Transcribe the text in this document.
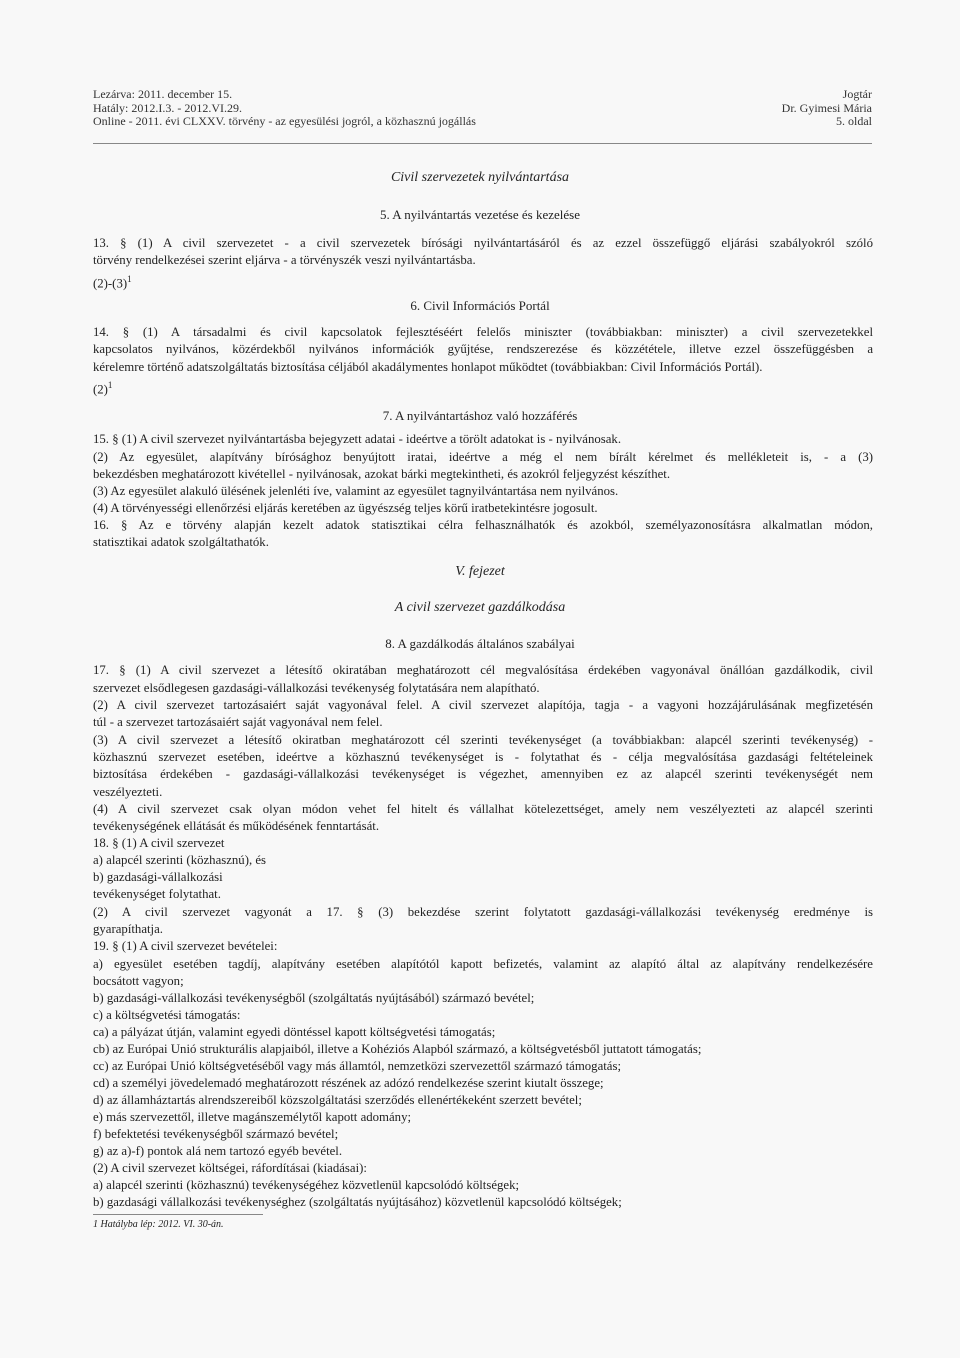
Lezárva: 2011. december 15.
Hatály: 2012.I.3. - 2012.VI.29.
Online - 2011. évi CLXXV. törvény - az egyesülési jogról, a közhasznú jogállás
Jogtár
Dr. Gyimesi Mária
5. oldal
Civil szervezetek nyilvántartása
5. A nyilvántartás vezetése és kezelése
13. § (1) A civil szervezetet - a civil szervezetek bírósági nyilvántartásáról és az ezzel összefüggő eljárási szabályokról szóló
törvény rendelkezései szerint eljárva - a törvényszék veszi nyilvántartásba.
$(2)-(3)^1$
6. Civil Információs Portál
14. § (1) A társadalmi és civil kapcsolatok fejlesztéséért felelős miniszter (továbbiakban: miniszter) a civil szervezetekkel
kapcsolatos nyilvános, közérdekből nyilvános információk gyűjtése, rendszerezése és közzététele, illetve ezzel összefüggésben a
kérelemre történő adatszolgáltatás biztosítása céljából akadálymentes honlapot működtet (továbbiakban: Civil Információs Portál).
$(2)^1$
7. A nyilvántartáshoz való hozzáférés
15. § (1) A civil szervezet nyilvántartásba bejegyzett adatai - ideértve a törölt adatokat is - nyilvánosak.
(2) Az egyesület, alapítvány bírósághoz benyújtott iratai, ideértve a még el nem bírált kérelmet és mellékleteit is, - a (3)
bekezdésben meghatározott kivétellel - nyilvánosak, azokat bárki megtekintheti, és azokról feljegyzést készíthet.
(3) Az egyesület alakuló ülésének jelenléti íve, valamint az egyesület tagnyilvántartása nem nyilvános.
(4) A törvényességi ellenőrzési eljárás keretében az ügyészség teljes körű iratbetekintésre jogosult.
16. § Az e törvény alapján kezelt adatok statisztikai célra felhasználhatók és azokból, személyazonosításra alkalmatlan módon,
statisztikai adatok szolgáltathatók.
V. fejezet
A civil szervezet gazdálkodása
8. A gazdálkodás általános szabályai
17. § (1) A civil szervezet a létesítő okiratában meghatározott cél megvalósítása érdekében vagyonával önállóan gazdálkodik, civil
szervezet elsődlegesen gazdasági-vállalkozási tevékenység folytatására nem alapítható.
(2) A civil szervezet tartozásaiért saját vagyonával felel. A civil szervezet alapítója, tagja - a vagyoni hozzájárulásának megfizetésén
túl - a szervezet tartozásaiért saját vagyonával nem felel.
(3) A civil szervezet a létesítő okiratban meghatározott cél szerinti tevékenységet (a továbbiakban: alapcél szerinti tevékenység) -
közhasznú szervezet esetében, ideértve a közhasznú tevékenységet is - folytathat és - célja megvalósítása gazdasági feltételeinek
biztosítása érdekében - gazdasági-vállalkozási tevékenységet is végezhet, amennyiben ez az alapcél szerinti tevékenységét nem
veszélyezteti.
(4) A civil szervezet csak olyan módon vehet fel hitelt és vállalhat kötelezettséget, amely nem veszélyezteti az alapcél szerinti
tevékenységének ellátását és működésének fenntartását.
18. § (1) A civil szervezet
a) alapcél szerinti (közhasznú), és
b) gazdasági-vállalkozási
tevékenységet folytathat.
(2) A civil szervezet vagyonát a 17. § (3) bekezdése szerint folytatott gazdasági-vállalkozási tevékenység eredménye is
gyarapíthatja.
19. § (1) A civil szervezet bevételei:
a) egyesület esetében tagdíj, alapítvány esetében alapítótól kapott befizetés, valamint az alapító által az alapítvány rendelkezésére
bocsátott vagyon;
b) gazdasági-vállalkozási tevékenységből (szolgáltatás nyújtásából) származó bevétel;
c) a költségvetési támogatás:
ca) a pályázat útján, valamint egyedi döntéssel kapott költségvetési támogatás;
cb) az Európai Unió strukturális alapjaiból, illetve a Kohéziós Alapból származó, a költségvetésből juttatott támogatás;
cc) az Európai Unió költségvetéséből vagy más államtól, nemzetközi szervezettől származó támogatás;
cd) a személyi jövedelemadó meghatározott részének az adózó rendelkezése szerint kiutalt összege;
d) az államháztartás alrendszereiből közszolgáltatási szerződés ellenértékeként szerzett bevétel;
e) más szervezettől, illetve magánszemélytől kapott adomány;
f) befektetési tevékenységből származó bevétel;
g) az a)-f) pontok alá nem tartozó egyéb bevétel.
(2) A civil szervezet költségei, ráfordításai (kiadásai):
a) alapcél szerinti (közhasznú) tevékenységéhez közvetlenül kapcsolódó költségek;
b) gazdasági vállalkozási tevékenységhez (szolgáltatás nyújtásához) közvetlenül kapcsolódó költségek;
1 Hatályba lép: 2012. VI. 30-án.
